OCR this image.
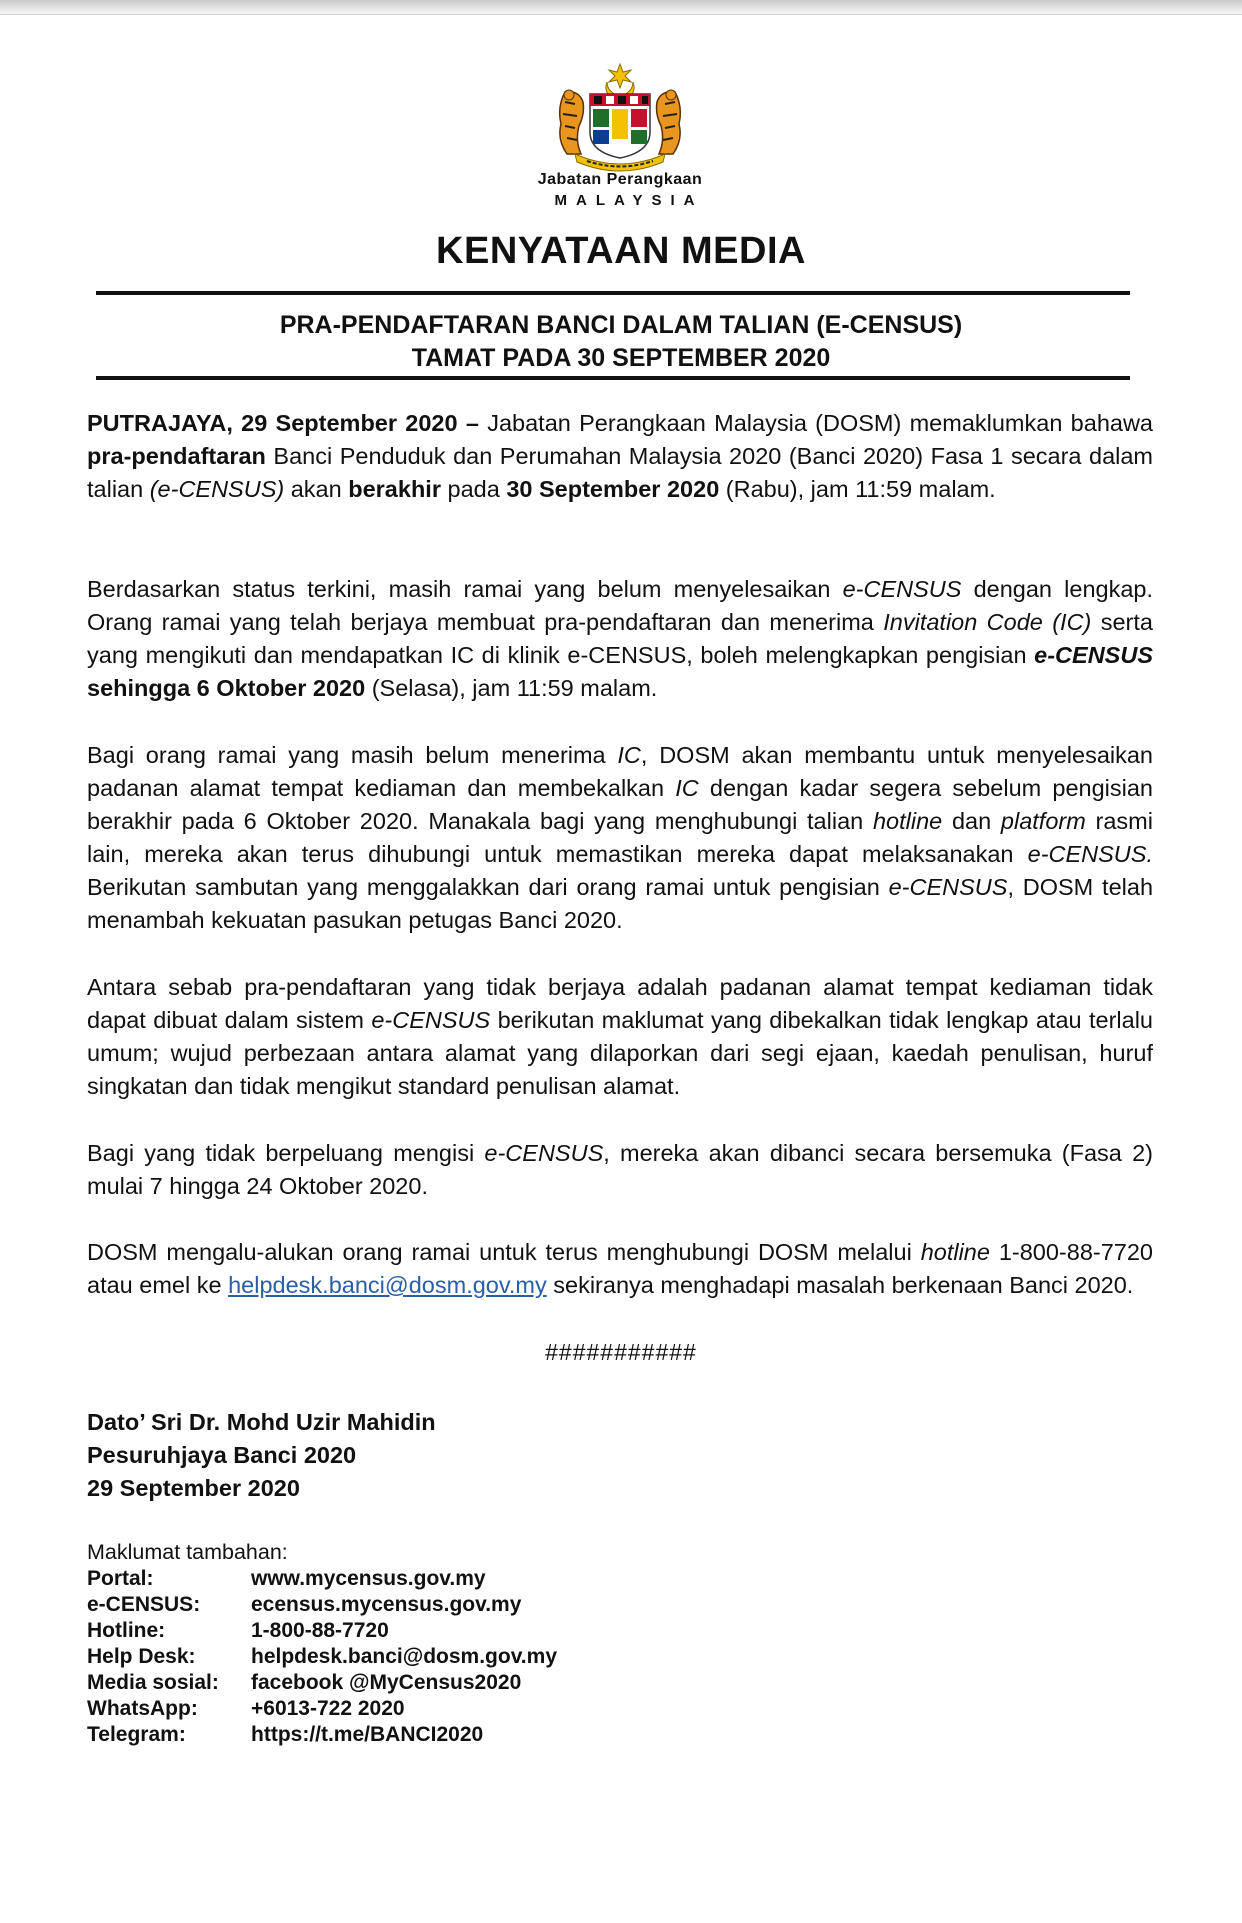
Jabatan Perangkaan
MALAYSIA
KENYATAAN MEDIA
PRA-PENDAFTARAN BANCI DALAM TALIAN (E-CENSUS)
TAMAT PADA 30 SEPTEMBER 2020
PUTRAJAYA, 29 September 2020 – Jabatan Perangkaan Malaysia (DOSM) memaklumkan bahawa pra-pendaftaran Banci Penduduk dan Perumahan Malaysia 2020 (Banci 2020) Fasa 1 secara dalam talian (e-CENSUS) akan berakhir pada 30 September 2020 (Rabu), jam 11:59 malam.
Berdasarkan status terkini, masih ramai yang belum menyelesaikan e-CENSUS dengan lengkap. Orang ramai yang telah berjaya membuat pra-pendaftaran dan menerima Invitation Code (IC) serta yang mengikuti dan mendapatkan IC di klinik e-CENSUS, boleh melengkapkan pengisian e-CENSUS sehingga 6 Oktober 2020 (Selasa), jam 11:59 malam.
Bagi orang ramai yang masih belum menerima IC, DOSM akan membantu untuk menyelesaikan padanan alamat tempat kediaman dan membekalkan IC dengan kadar segera sebelum pengisian berakhir pada 6 Oktober 2020. Manakala bagi yang menghubungi talian hotline dan platform rasmi lain, mereka akan terus dihubungi untuk memastikan mereka dapat melaksanakan e-CENSUS. Berikutan sambutan yang menggalakkan dari orang ramai untuk pengisian e-CENSUS, DOSM telah menambah kekuatan pasukan petugas Banci 2020.
Antara sebab pra-pendaftaran yang tidak berjaya adalah padanan alamat tempat kediaman tidak dapat dibuat dalam sistem e-CENSUS berikutan maklumat yang dibekalkan tidak lengkap atau terlalu umum; wujud perbezaan antara alamat yang dilaporkan dari segi ejaan, kaedah penulisan, huruf singkatan dan tidak mengikut standard penulisan alamat.
Bagi yang tidak berpeluang mengisi e-CENSUS, mereka akan dibanci secara bersemuka (Fasa 2) mulai 7 hingga 24 Oktober 2020.
DOSM mengalu-alukan orang ramai untuk terus menghubungi DOSM melalui hotline 1-800-88-7720 atau emel ke helpdesk.banci@dosm.gov.my sekiranya menghadapi masalah berkenaan Banci 2020.
###########
Dato’ Sri Dr. Mohd Uzir Mahidin
Pesuruhjaya Banci 2020
29 September 2020
Maklumat tambahan:
Portal:	www.mycensus.gov.my
e-CENSUS: ecensus.mycensus.gov.my
Hotline:	1-800-88-7720
Help Desk:	helpdesk.banci@dosm.gov.my
Media sosial: facebook @MyCensus2020
WhatsApp:	+6013-722 2020
Telegram:	https://t.me/BANCI2020
